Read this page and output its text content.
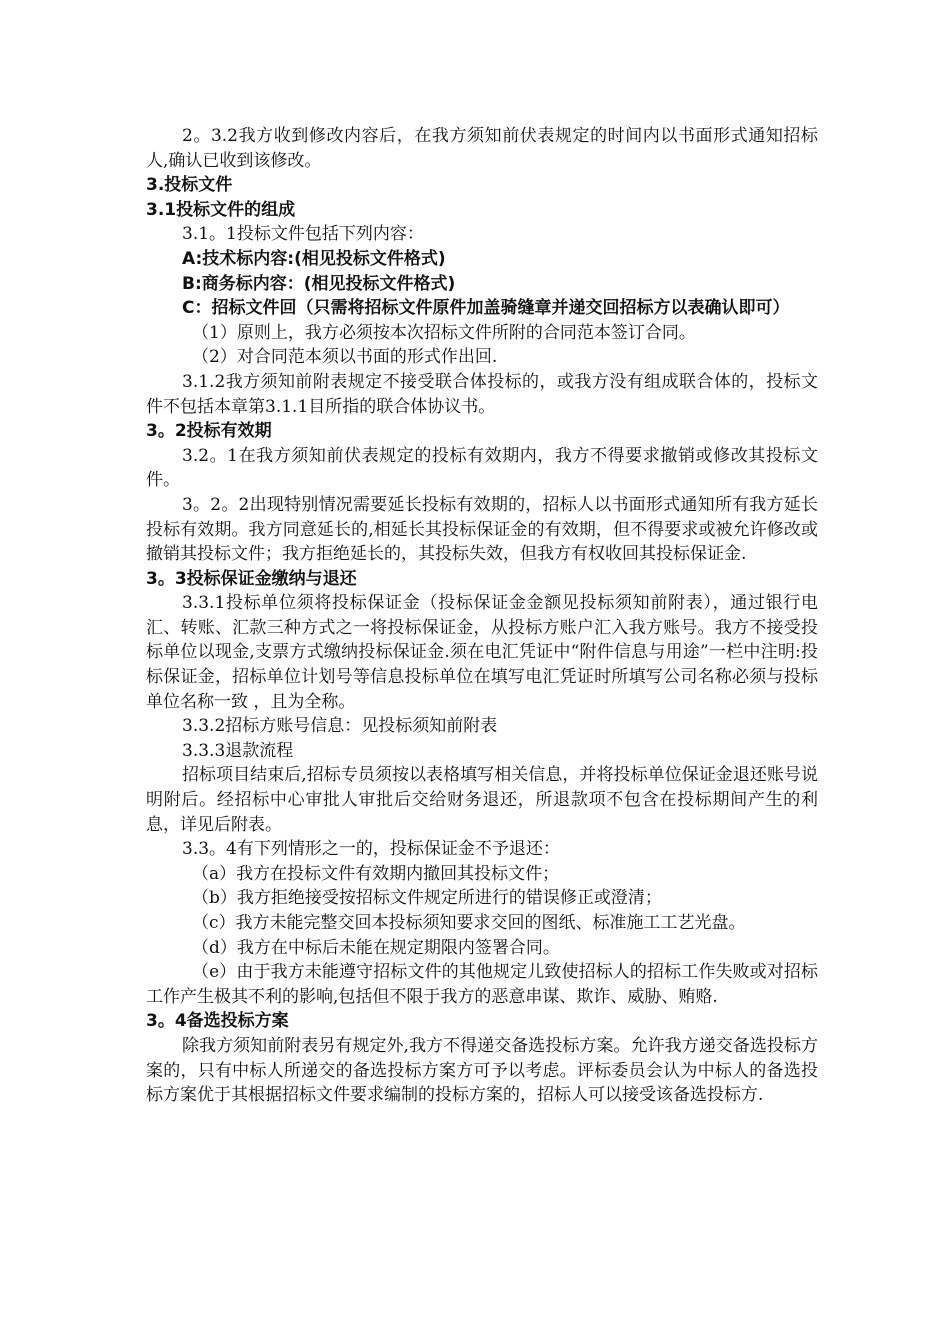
2。3.2我方收到修改内容后，在我方须知前伏表规定的时间内以书面形式通知招标人,确认已收到该修改。

3.投标文件

3.1投标文件的组成

3.1。1投标文件包括下列内容：

A:技术标内容:(相见投标文件格式)

B:商务标内容：(相见投标文件格式)

C：招标文件回（只需将招标文件原件加盖骑缝章并递交回招标方以表确认即可）

（1）原则上，我方必须按本次招标文件所附的合同范本签订合同。

（2）对合同范本须以书面的形式作出回.

3.1.2我方须知前附表规定不接受联合体投标的，或我方没有组成联合体的，投标文件不包括本章第3.1.1目所指的联合体协议书。

3。2投标有效期

3.2。1在我方须知前伏表规定的投标有效期内，我方不得要求撤销或修改其投标文件。

3。2。2出现特别情况需要延长投标有效期的，招标人以书面形式通知所有我方延长投标有效期。我方同意延长的,相延长其投标保证金的有效期，但不得要求或被允许修改或撤销其投标文件；我方拒绝延长的，其投标失效，但我方有权收回其投标保证金.

3。3投标保证金缴纳与退还

3.3.1投标单位须将投标保证金（投标保证金金额见投标须知前附表），通过银行电汇、转账、汇款三种方式之一将投标保证金，从投标方账户汇入我方账号。我方不接受投标单位以现金,支票方式缴纳投标保证金.须在电汇凭证中“附件信息与用途”一栏中注明:投标保证金，招标单位计划号等信息投标单位在填写电汇凭证时所填写公司名称必须与投标单位名称一致 ，且为全称。

3.3.2招标方账号信息：见投标须知前附表

3.3.3退款流程

招标项目结束后,招标专员须按以表格填写相关信息，并将投标单位保证金退还账号说明附后。经招标中心审批人审批后交给财务退还，所退款项不包含在投标期间产生的利息，详见后附表。

3.3。4有下列情形之一的，投标保证金不予退还：

（a）我方在投标文件有效期内撤回其投标文件；

（b）我方拒绝接受按招标文件规定所进行的错误修正或澄清；

（c）我方未能完整交回本投标须知要求交回的图纸、标准施工工艺光盘。

（d）我方在中标后未能在规定期限内签署合同。

（e）由于我方未能遵守招标文件的其他规定儿致使招标人的招标工作失败或对招标工作产生极其不利的影响,包括但不限于我方的恶意串谋、欺诈、威胁、贿赂.

3。4备选投标方案

除我方须知前附表另有规定外,我方不得递交备选投标方案。允许我方递交备选投标方案的，只有中标人所递交的备选投标方案方可予以考虑。评标委员会认为中标人的备选投标方案优于其根据招标文件要求编制的投标方案的，招标人可以接受该备选投标方.
